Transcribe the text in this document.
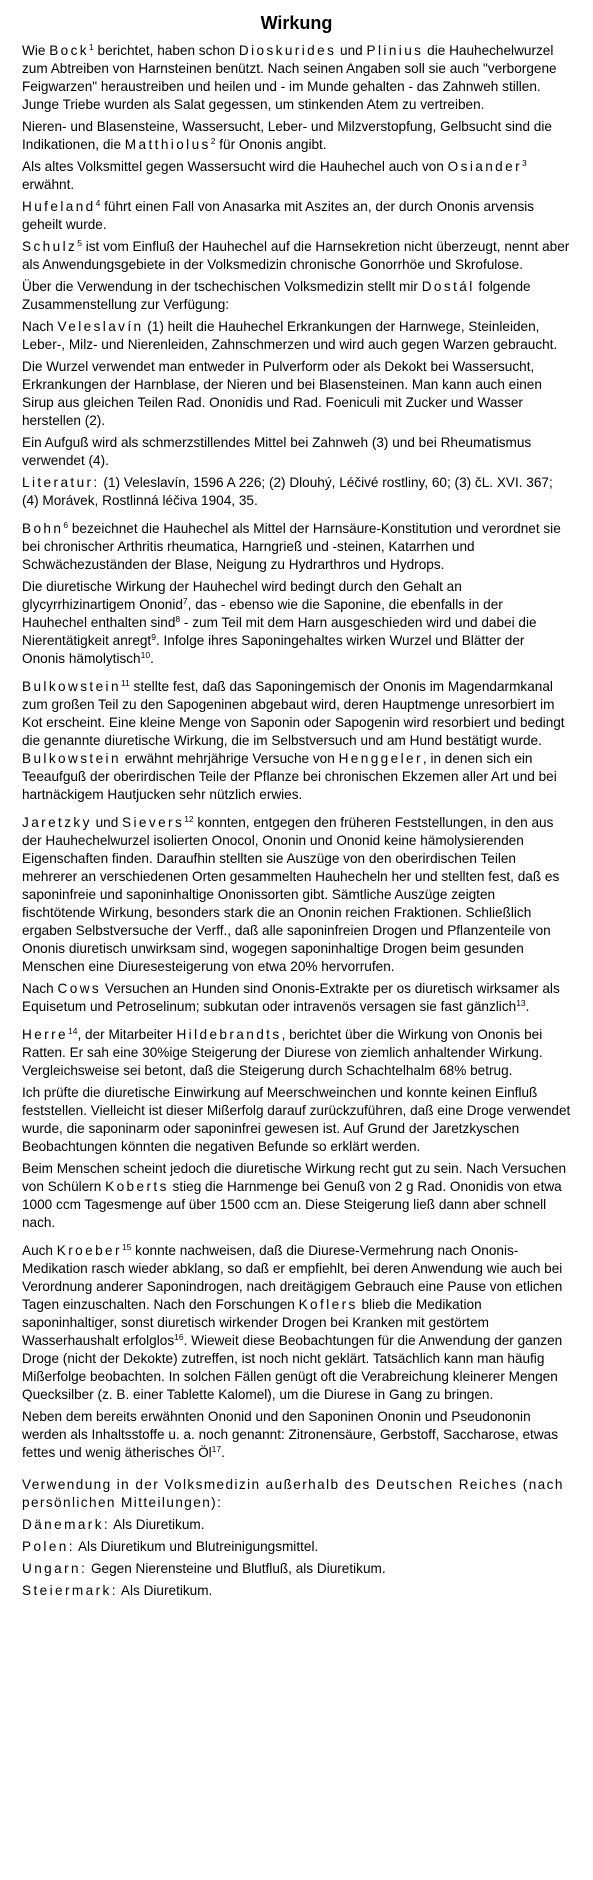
Wirkung

Wie Bock$^1$ berichtet, haben schon Dioskurides und Plinius die Hauhechelwurzel zum Abtreiben von Harnsteinen benützt. Nach seinen Angaben soll sie auch "verborgene Feigwarzen" heraustreiben und heilen und - im Munde gehalten - das Zahnweh stillen. Junge Triebe wurden als Salat gegessen, um stinkenden Atem zu vertreiben.

Nieren- und Blasensteine, Wassersucht, Leber- und Milzverstopfung, Gelbsucht sind die Indikationen, die Matthiolus$^2$ für Ononis angibt.

Als altes Volksmittel gegen Wassersucht wird die Hauhechel auch von Osiander$^3$ erwähnt.

Hufeland$^4$ führt einen Fall von Anasarka mit Aszites an, der durch Ononis arvensis geheilt wurde.

Schulz$^5$ ist vom Einfluß der Hauhechel auf die Harnsekretion nicht überzeugt, nennt aber als Anwendungsgebiete in der Volksmedizin chronische Gonorrhöe und Skrofulose.

Über die Verwendung in der tschechischen Volksmedizin stellt mir Dostál folgende Zusammenstellung zur Verfügung:

Nach Veleslavín (1) heilt die Hauhechel Erkrankungen der Harnwege, Steinleiden, Leber-, Milz- und Nierenleiden, Zahnschmerzen und wird auch gegen Warzen gebraucht.

Die Wurzel verwendet man entweder in Pulverform oder als Dekokt bei Wassersucht, Erkrankungen der Harnblase, der Nieren und bei Blasensteinen. Man kann auch einen Sirup aus gleichen Teilen Rad. Ononidis und Rad. Foeniculi mit Zucker und Wasser herstellen (2).

Ein Aufguß wird als schmerzstillendes Mittel bei Zahnweh (3) und bei Rheumatismus verwendet (4).

Literatur: (1) Veleslavín, 1596 A 226; (2) Dlouhý, Léčivé rostliny, 60; (3) čL. XVI. 367; (4) Morávek, Rostlinná léčiva 1904, 35.

Bohn$^6$ bezeichnet die Hauhechel als Mittel der Harnsäure-Konstitution und verordnet sie bei chronischer Arthritis rheumatica, Harngrieß und -steinen, Katarrhen und Schwächezuständen der Blase, Neigung zu Hydrarthros und Hydrops.

Die diuretische Wirkung der Hauhechel wird bedingt durch den Gehalt an glycyrrhizinartigem Ononid$^7$, das - ebenso wie die Saponine, die ebenfalls in der Hauhechel enthalten sind$^8$ - zum Teil mit dem Harn ausgeschieden wird und dabei die Nierentätigkeit anregt$^9$. Infolge ihres Saponingehaltes wirken Wurzel und Blätter der Ononis hämolytisch$^{10}$.

Bulkowstein$^{11}$ stellte fest, daß das Saponingemisch der Ononis im Magendarmkanal zum großen Teil zu den Sapogeninen abgebaut wird, deren Hauptmenge unresorbiert im Kot erscheint. Eine kleine Menge von Saponin oder Sapogenin wird resorbiert und bedingt die genannte diuretische Wirkung, die im Selbstversuch und am Hund bestätigt wurde. Bulkowstein erwähnt mehrjährige Versuche von Henggeler, in denen sich ein Teeaufguß der oberirdischen Teile der Pflanze bei chronischen Ekzemen aller Art und bei hartnäckigem Hautjucken sehr nützlich erwies.

Jaretzky und Sievers$^{12}$ konnten, entgegen den früheren Feststellungen, in den aus der Hauhechelwurzel isolierten Onocol, Ononin und Ononid keine hämolysierenden Eigenschaften finden. Daraufhin stellten sie Auszüge von den oberirdischen Teilen mehrerer an verschiedenen Orten gesammelten Hauhecheln her und stellten fest, daß es saponinfreie und saponinhaltige Ononissorten gibt. Sämtliche Auszüge zeigten fischtötende Wirkung, besonders stark die an Ononin reichen Fraktionen. Schließlich ergaben Selbstversuche der Verff., daß alle saponinfreien Drogen und Pflanzenteile von Ononis diuretisch unwirksam sind, wogegen saponinhaltige Drogen beim gesunden Menschen eine Diuresesteigerung von etwa 20% hervorrufen.

Nach Cows Versuchen an Hunden sind Ononis-Extrakte per os diuretisch wirksamer als Equisetum und Petroselinum; subkutan oder intravenös versagen sie fast gänzlich$^{13}$.

Herre$^{14}$, der Mitarbeiter Hildebrandts, berichtet über die Wirkung von Ononis bei Ratten. Er sah eine 30%ige Steigerung der Diurese von ziemlich anhaltender Wirkung. Vergleichsweise sei betont, daß die Steigerung durch Schachtelhalm 68% betrug.

Ich prüfte die diuretische Einwirkung auf Meerschweinchen und konnte keinen Einfluß feststellen. Vielleicht ist dieser Mißerfolg darauf zurückzuführen, daß eine Droge verwendet wurde, die saponinarm oder saponinfrei gewesen ist. Auf Grund der Jaretzkyschen Beobachtungen könnten die negativen Befunde so erklärt werden.

Beim Menschen scheint jedoch die diuretische Wirkung recht gut zu sein. Nach Versuchen von Schülern Koberts stieg die Harnmenge bei Genuß von 2 g Rad. Ononidis von etwa 1000 ccm Tagesmenge auf über 1500 ccm an. Diese Steigerung ließ dann aber schnell nach.

Auch Kroeber$^{15}$ konnte nachweisen, daß die Diurese-Vermehrung nach Ononis-Medikation rasch wieder abklang, so daß er empfiehlt, bei deren Anwendung wie auch bei Verordnung anderer Saponindrogen, nach dreitägigem Gebrauch eine Pause von etlichen Tagen einzuschalten. Nach den Forschungen Koflers blieb die Medikation saponinhaltiger, sonst diuretisch wirkender Drogen bei Kranken mit gestörtem Wasserhaushalt erfolglos$^{16}$. Wieweit diese Beobachtungen für die Anwendung der ganzen Droge (nicht der Dekokte) zutreffen, ist noch nicht geklärt. Tatsächlich kann man häufig Mißerfolge beobachten. In solchen Fällen genügt oft die Verabreichung kleinerer Mengen Quecksilber (z. B. einer Tablette Kalomel), um die Diurese in Gang zu bringen.

Neben dem bereits erwähnten Ononid und den Saponinen Ononin und Pseudononin werden als Inhaltsstoffe u. a. noch genannt: Zitronensäure, Gerbstoff, Saccharose, etwas fettes und wenig ätherisches $Öl^{17}$.

Verwendung in der Volksmedizin außerhalb des Deutschen Reiches (nach persönlichen Mitteilungen):

Dänemark: Als Diuretikum.

Polen: Als Diuretikum und Blutreinigungsmittel.

Ungarn: Gegen Nierensteine und Blutfluß, als Diuretikum.

Steiermark: Als Diuretikum.
